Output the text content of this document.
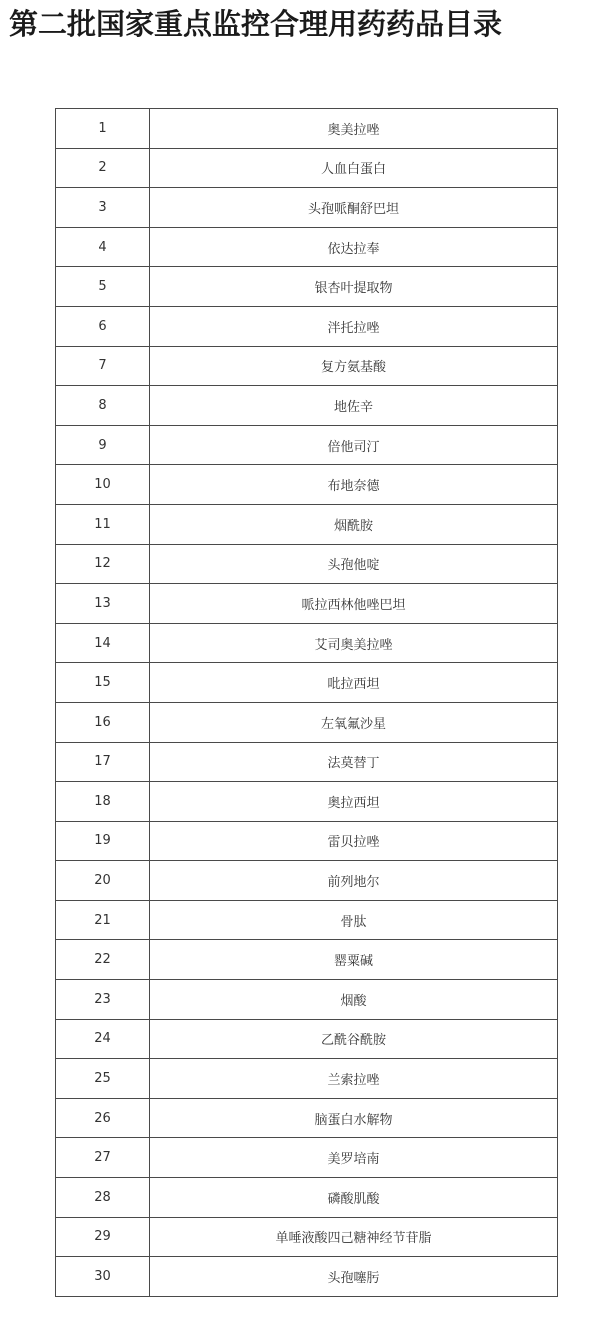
第二批国家重点监控合理用药药品目录
1	奥美拉唑
2	人血白蛋白
3	头孢哌酮舒巴坦
4	依达拉奉
5	银杏叶提取物
6	泮托拉唑
7	复方氨基酸
8	地佐辛
9	倍他司汀
10	布地奈德
11	烟酰胺
12	头孢他啶
13	哌拉西林他唑巴坦
14	艾司奥美拉唑
15	吡拉西坦
16	左氧氟沙星
17	法莫替丁
18	奥拉西坦
19	雷贝拉唑
20	前列地尔
21	骨肽
22	罂粟碱
23	烟酸
24	乙酰谷酰胺
25	兰索拉唑
26	脑蛋白水解物
27	美罗培南
28	磷酸肌酸
29	单唾液酸四己糖神经节苷脂
30	头孢噻肟
